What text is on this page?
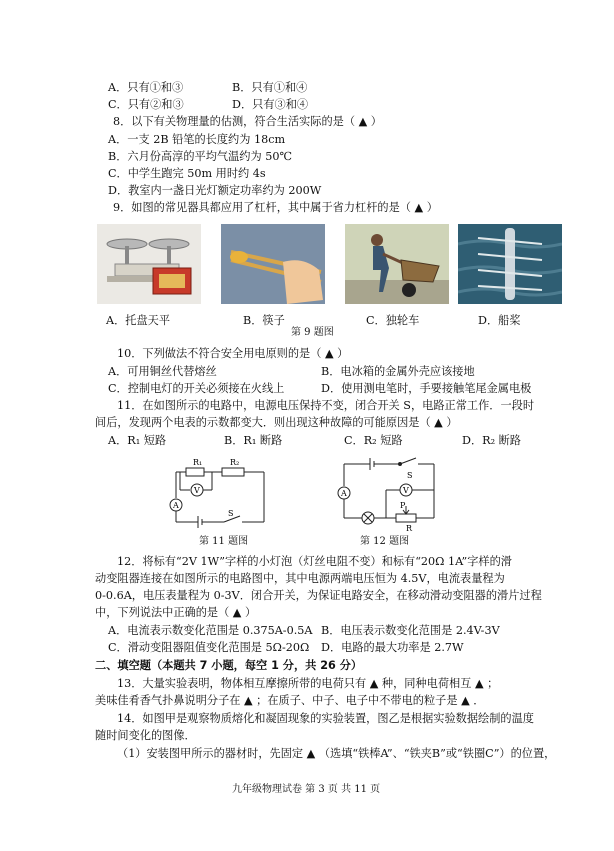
A．只有①和③	B．只有①和④
C．只有②和③	D．只有③和④
8．以下有关物理量的估测，符合生活实际的是（ ▲ ）
A．一支 2B 铅笔的长度约为 18cm
B．六月份高淳的平均气温约为 50℃
C．中学生跑完 50m 用时约 4s
D．教室内一盏日光灯额定功率约为 200W
9．如图的常见器具都应用了杠杆，其中属于省力杠杆的是（ ▲ ）
A．托盘天平	B．筷子	C．独轮车	D．船桨
第 9 题图
10．下列做法不符合安全用电原则的是（ ▲ ）
A．可用铜丝代替熔丝	B．电冰箱的金属外壳应该接地
C．控制电灯的开关必须接在火线上	D．使用测电笔时，手要接触笔尾金属电极
11．在如图所示的电路中，电源电压保持不变，闭合开关 S，电路正常工作．一段时
间后，发现两个电表的示数都变大．则出现这种故障的可能原因是（ ▲ ）
A．R₁ 短路	B．R₁ 断路	C．R₂ 短路	D．R₂ 断路
R₁	R₂
V
A
S
第 11 题图
A	V
S
P
R
第 12 题图
12．将标有“2V 1W”字样的小灯泡（灯丝电阻不变）和标有“20Ω 1A”字样的滑
动变阻器连接在如图所示的电路图中，其中电源两端电压恒为 4.5V，电流表量程为
0-0.6A，电压表量程为 0-3V．闭合开关，为保证电路安全，在移动滑动变阻器的滑片过程
中，下列说法中正确的是（ ▲ ）
A．电流表示数变化范围是 0.375A-0.5A B．电压表示数变化范围是 2.4V-3V
C．滑动变阻器阻值变化范围是 5Ω-20Ω D．电路的最大功率是 2.7W
二、填空题（本题共 7 小题，每空 1 分，共 26 分）
13．大量实验表明，物体相互摩擦所带的电荷只有 ▲ 种，同种电荷相互 ▲ ；
美味佳肴香气扑鼻说明分子在 ▲ ；在质子、中子、电子中不带电的粒子是 ▲ ．
14．如图甲是观察物质熔化和凝固现象的实验装置，图乙是根据实验数据绘制的温度
随时间变化的图像．
（1）安装图甲所示的器材时，先固定 ▲ （选填“铁棒A”、“铁夹B”或“铁圈C”）的位置，
九年级物理试卷 第 3 页 共 11 页
